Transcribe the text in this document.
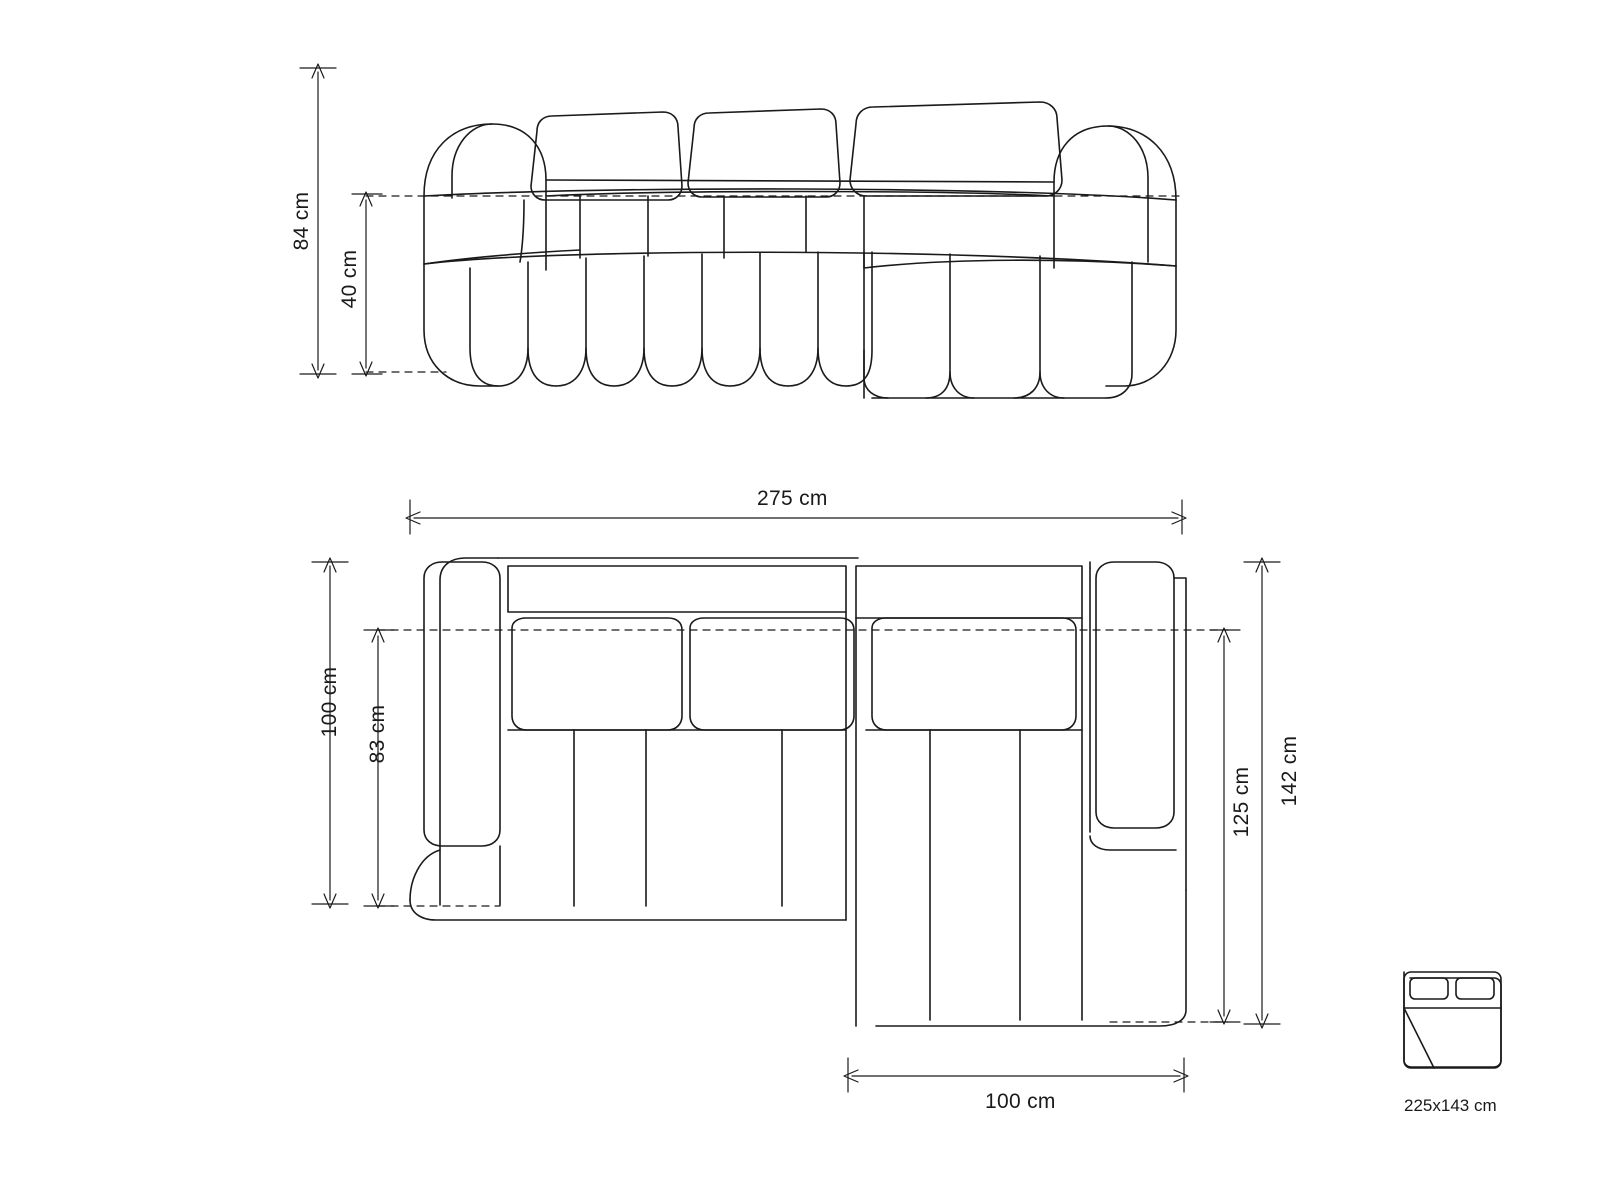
84 cm
40 cm
275 cm
100 cm 83 cm
142 cm
125 cm
100 cm	225x143 cm
